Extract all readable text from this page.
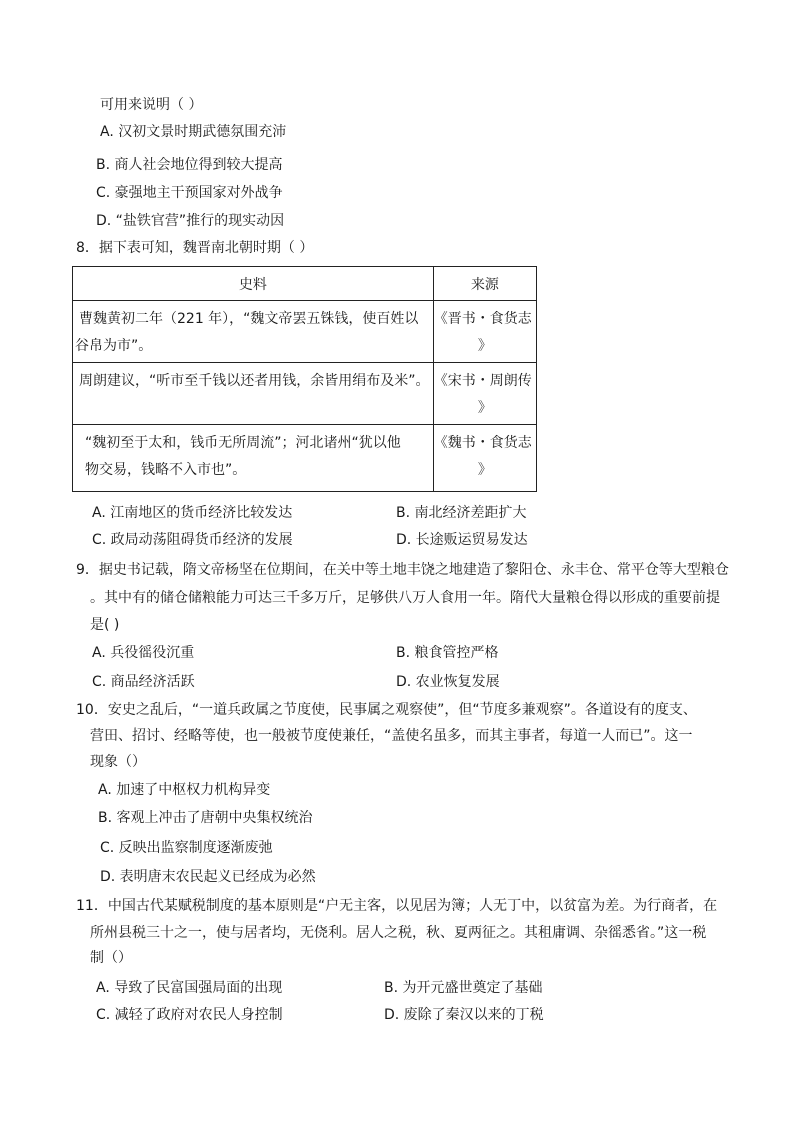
可用来说明（ ）
A. 汉初文景时期武德氛围充沛
B. 商人社会地位得到较大提高
C. 豪强地主干预国家对外战争
D. “盐铁官营”推行的现实动因
8．据下表可知，魏晋南北朝时期（ ）
史料	来源

曹魏黄初二年（221 年），“魏文帝罢五铢钱，使百姓以
谷帛为市”。	《晋书・食货志
》

周朗建议，“听市至千钱以还者用钱，余皆用绢布及米”。	《宋书・周朗传
》

“魏初至于太和，钱币无所周流”；河北诸州“犹以他
物交易，钱略不入市也”。	《魏书・食货志
》
A. 江南地区的货币经济比较发达	B. 南北经济差距扩大
C. 政局动荡阻碍货币经济的发展	D. 长途贩运贸易发达
9．据史书记载，隋文帝杨坚在位期间，在关中等土地丰饶之地建造了黎阳仓、永丰仓、常平仓等大型粮仓
。其中有的储仓储粮能力可达三千多万斤，足够供八万人食用一年。隋代大量粮仓得以形成的重要前提
是( )
A. 兵役徭役沉重	B. 粮食管控严格
C. 商品经济活跃	D. 农业恢复发展
10．安史之乱后，“一道兵政属之节度使，民事属之观察使”，但“节度多兼观察”。各道设有的度支、
营田、招讨、经略等使，也一般被节度使兼任，“盖使名虽多，而其主事者，每道一人而已”。这一
现象（）
A. 加速了中枢权力机构异变
B. 客观上冲击了唐朝中央集权统治
C. 反映出监察制度逐渐废弛
D. 表明唐末农民起义已经成为必然
11．中国古代某赋税制度的基本原则是“户无主客，以见居为簿；人无丁中，以贫富为差。为行商者，在
所州县税三十之一，使与居者均，无侥利。居人之税，秋、夏两征之。其租庸调、杂徭悉省。”这一税
制（）
A. 导致了民富国强局面的出现	B. 为开元盛世奠定了基础
C. 减轻了政府对农民人身控制	D. 废除了秦汉以来的丁税
